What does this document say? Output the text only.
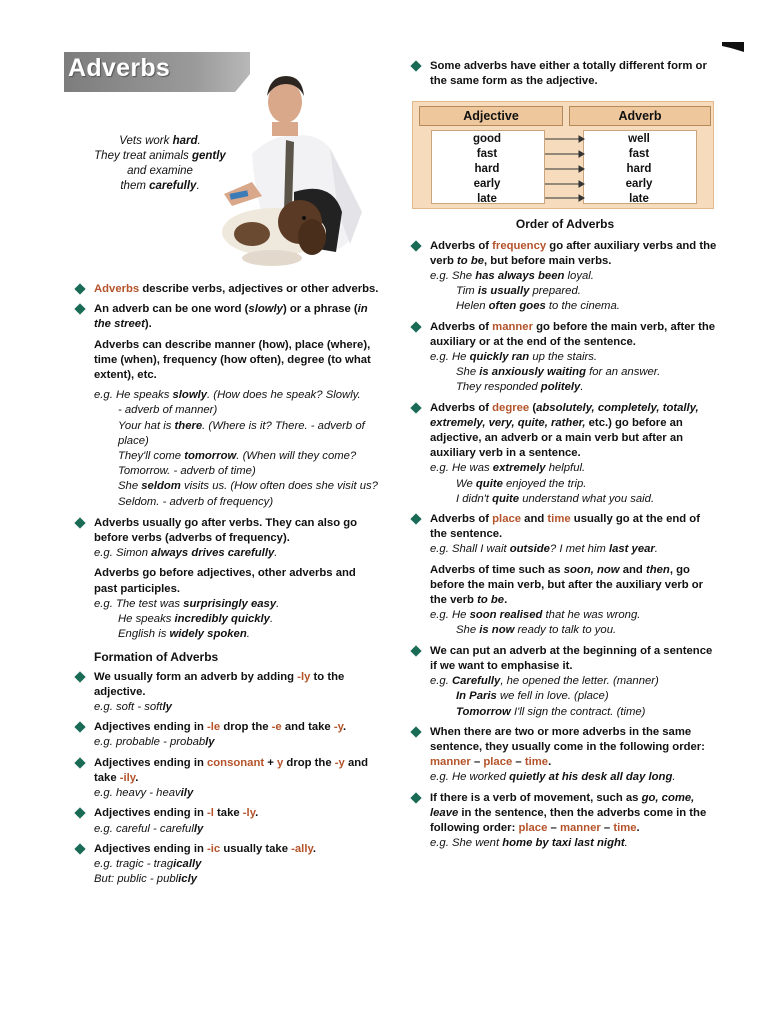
Adverbs
Vets work hard.
They treat animals gently
and examine
them carefully.
Adverbs describe verbs, adjectives or other adverbs.
An adverb can be one word (slowly) or a phrase (in the street).
Adverbs can describe manner (how), place (where), time (when), frequency (how often), degree (to what extent), etc.
e.g. He speaks slowly. (How does he speak? Slowly.
- adverb of manner)
Your hat is there. (Where is it? There. - adverb of place)
They'll come tomorrow. (When will they come? Tomorrow. - adverb of time)
She seldom visits us. (How often does she visit us? Seldom. - adverb of frequency)
Adverbs usually go after verbs. They can also go before verbs (adverbs of frequency).
e.g. Simon always drives carefully.
Adverbs go before adjectives, other adverbs and past participles.
e.g. The test was surprisingly easy.
He speaks incredibly quickly.
English is widely spoken.
Formation of Adverbs
We usually form an adverb by adding -ly to the adjective.
e.g. soft - softly
Adjectives ending in -le drop the -e and take -y.
e.g. probable - probably
Adjectives ending in consonant + y drop the -y and take -ily.
e.g. heavy - heavily
Adjectives ending in -l take -ly.
e.g. careful - carefully
Adjectives ending in -ic usually take -ally.
e.g. tragic - tragically
But: public - publicly
Some adverbs have either a totally different form or the same form as the adjective.
Adjective	Adverb
good
fast
hard
early
late
well
fast
hard
early
late
Order of Adverbs
Adverbs of frequency go after auxiliary verbs and the verb to be, but before main verbs.
e.g. She has always been loyal.
Tim is usually prepared.
Helen often goes to the cinema.
Adverbs of manner go before the main verb, after the auxiliary or at the end of the sentence.
e.g. He quickly ran up the stairs.
She is anxiously waiting for an answer.
They responded politely.
Adverbs of degree (absolutely, completely, totally, extremely, very, quite, rather, etc.) go before an adjective, an adverb or a main verb but after an auxiliary verb in a sentence.
e.g. He was extremely helpful.
We quite enjoyed the trip.
I didn't quite understand what you said.
Adverbs of place and time usually go at the end of the sentence.
e.g. Shall I wait outside? I met him last year.
Adverbs of time such as soon, now and then, go before the main verb, but after the auxiliary verb or the verb to be.
e.g. He soon realised that he was wrong.
She is now ready to talk to you.
We can put an adverb at the beginning of a sentence if we want to emphasise it.
e.g. Carefully, he opened the letter. (manner)
In Paris we fell in love. (place)
Tomorrow I'll sign the contract. (time)
When there are two or more adverbs in the same sentence, they usually come in the following order: manner – place – time.
e.g. He worked quietly at his desk all day long.
If there is a verb of movement, such as go, come, leave in the sentence, then the adverbs come in the following order: place – manner – time.
e.g. She went home by taxi last night.
